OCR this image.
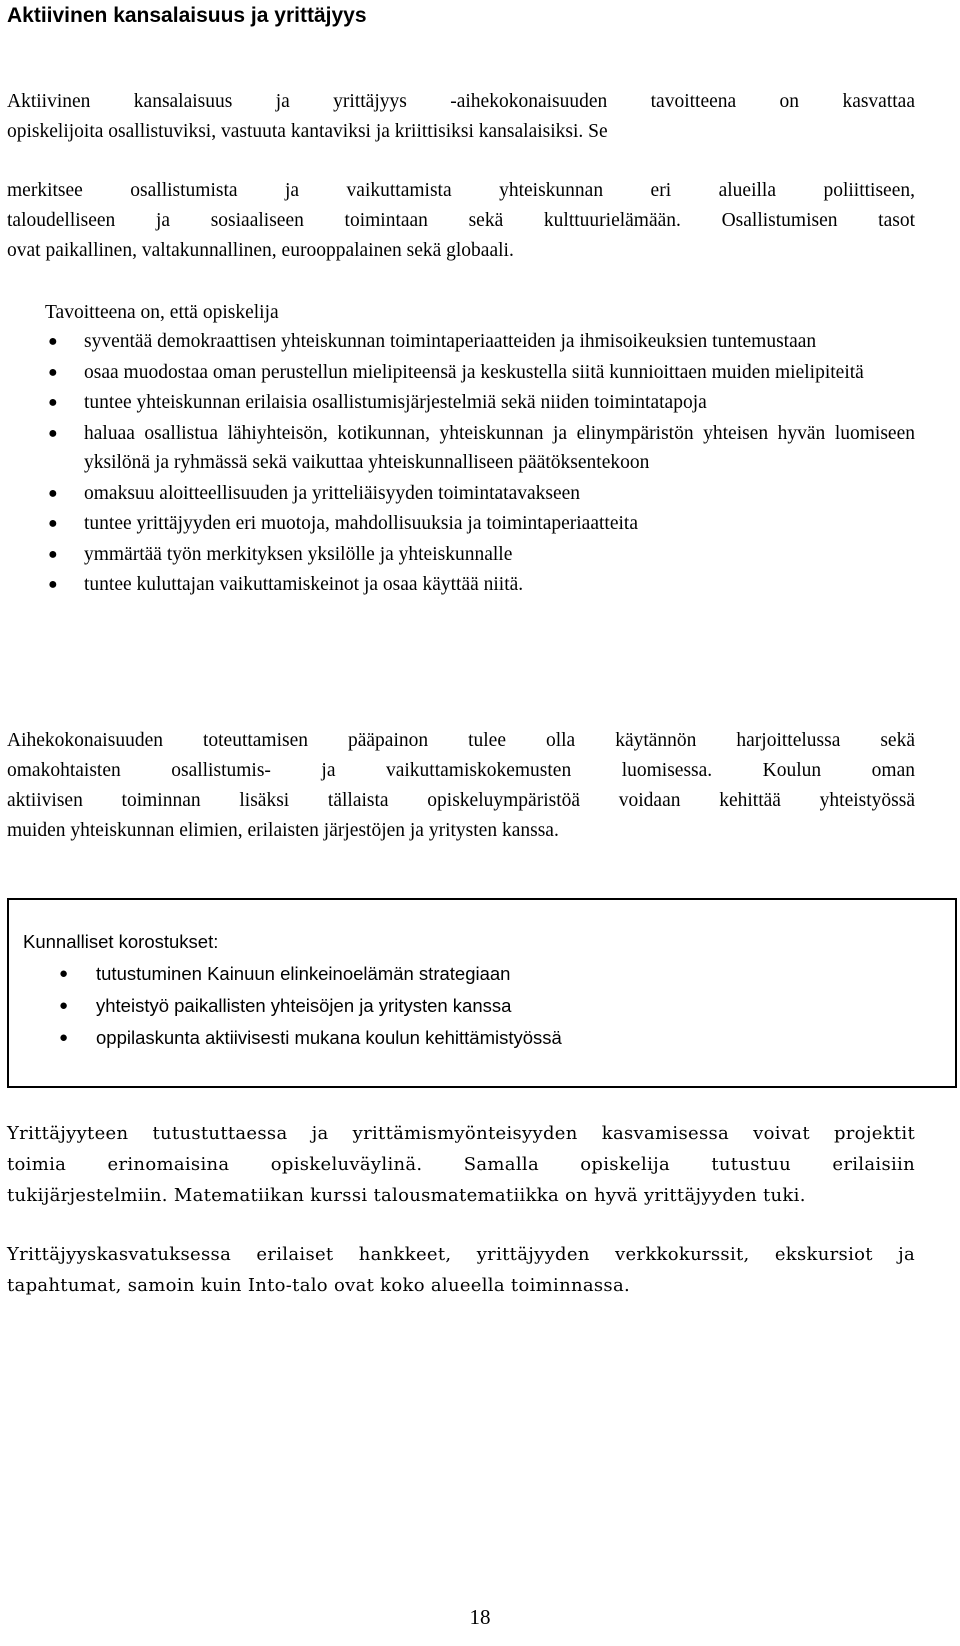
Aktiivinen kansalaisuus ja yrittäjyys

Aktiivinen kansalaisuus ja yrittäjyys -aihekokonaisuuden tavoitteena on kasvattaa
opiskelijoita osallistuviksi, vastuuta kantaviksi ja kriittisiksi kansalaisiksi. Se
merkitsee osallistumista ja vaikuttamista yhteiskunnan eri alueilla poliittiseen,
taloudelliseen ja sosiaaliseen toimintaan sekä kulttuurielämään. Osallistumisen tasot
ovat paikallinen, valtakunnallinen, eurooppalainen sekä globaali.

Tavoitteena on, että opiskelija

● syventää demokraattisen yhteiskunnan toimintaperiaatteiden ja ihmisoikeuksien tuntemustaan
● osaa muodostaa oman perustellun mielipiteensä ja keskustella siitä kunnioittaen muiden mielipiteitä
● tuntee yhteiskunnan erilaisia osallistumisjärjestelmiä sekä niiden toimintatapoja
● haluaa osallistua lähiyhteisön, kotikunnan, yhteiskunnan ja elinympäristön yhteisen hyvän luomiseen yksilönä ja ryhmässä sekä vaikuttaa yhteiskunnalliseen päätöksentekoon
● omaksuu aloitteellisuuden ja yritteliäisyyden toimintatavakseen
● tuntee yrittäjyyden eri muotoja, mahdollisuuksia ja toimintaperiaatteita
● ymmärtää työn merkityksen yksilölle ja yhteiskunnalle
● tuntee kuluttajan vaikuttamiskeinot ja osaa käyttää niitä.

Aihekokonaisuuden toteuttamisen pääpainon tulee olla käytännön harjoittelussa sekä
omakohtaisten osallistumis- ja vaikuttamiskokemusten luomisessa. Koulun oman
aktiivisen toiminnan lisäksi tällaista opiskeluympäristöä voidaan kehittää yhteistyössä
muiden yhteiskunnan elimien, erilaisten järjestöjen ja yritysten kanssa.

Kunnalliset korostukset:

● tutustuminen Kainuun elinkeinoelämän strategiaan
● yhteistyö paikallisten yhteisöjen ja yritysten kanssa
● oppilaskunta aktiivisesti mukana koulun kehittämistyössä

Yrittäjyyteen tutustuttaessa ja yrittämismyönteisyyden kasvamisessa voivat projektit
toimia erinomaisina opiskeluväylinä. Samalla opiskelija tutustuu erilaisiin
tukijärjestelmiin. Matematiikan kurssi talousmatematiikka on hyvä yrittäjyyden tuki.

Yrittäjyyskasvatuksessa erilaiset hankkeet, yrittäjyyden verkkokurssit, ekskursiot ja
tapahtumat, samoin kuin Into-talo ovat koko alueella toiminnassa.

18
